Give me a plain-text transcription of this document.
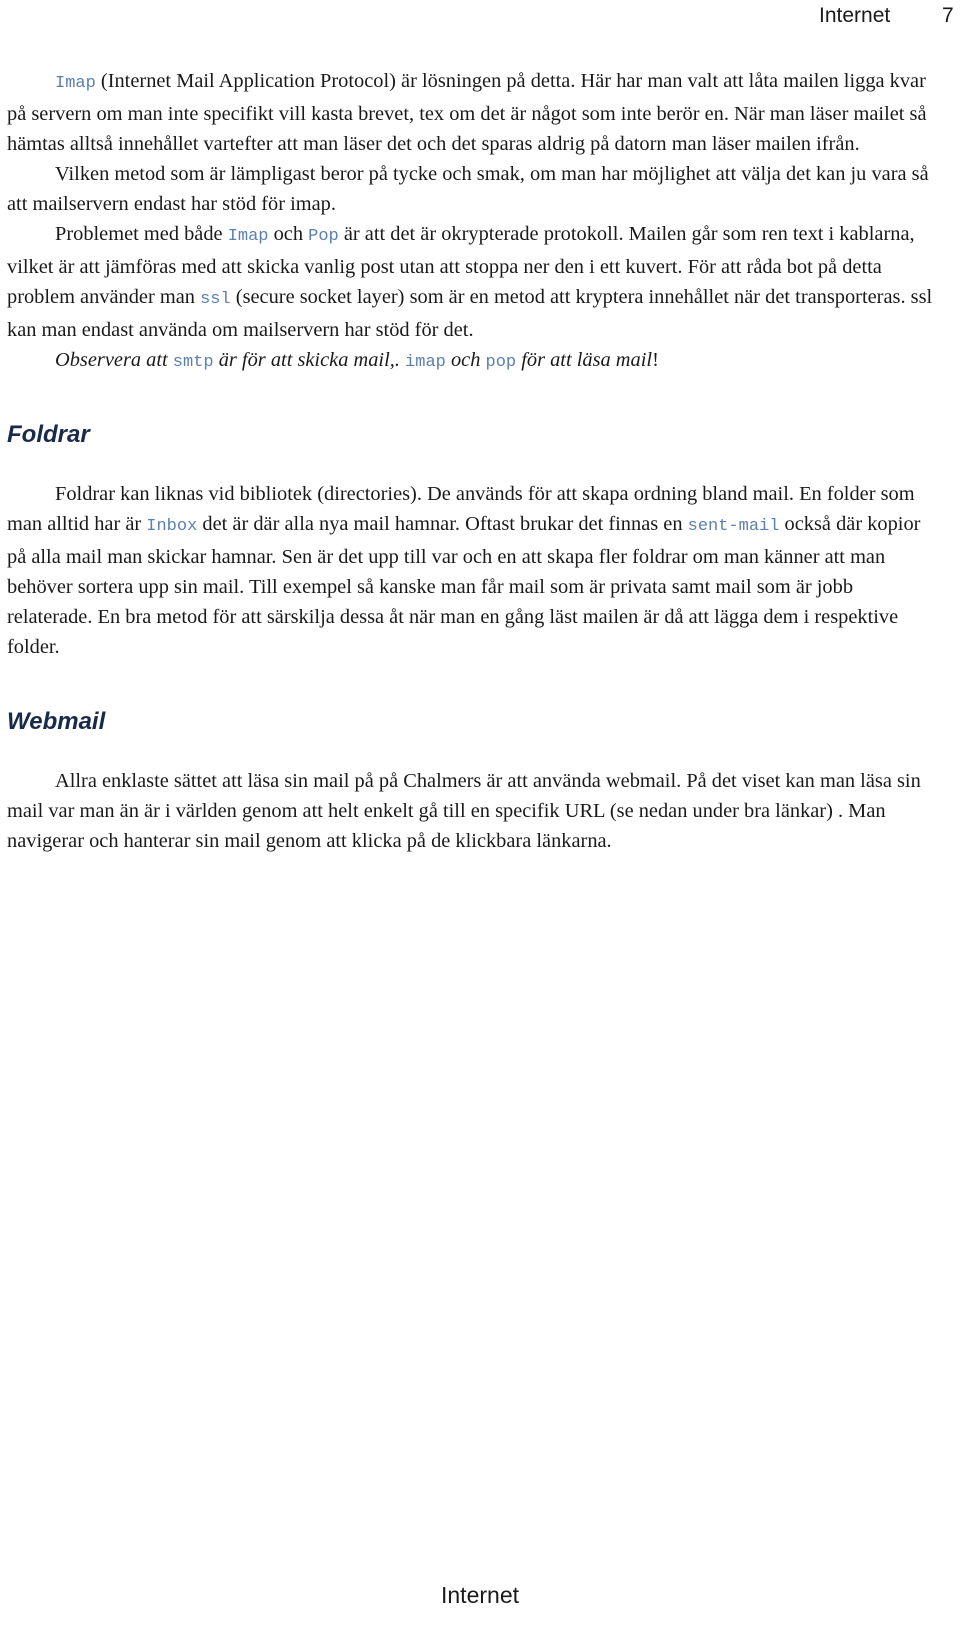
Internet 7

Imap (Internet Mail Application Protocol) är lösningen på detta. Här har man valt att låta mailen ligga kvar på servern om man inte specifikt vill kasta brevet, tex om det är något som inte berör en. När man läser mailet så hämtas alltså innehållet vartefter att man läser det och det sparas aldrig på datorn man läser mailen ifrån.

Vilken metod som är lämpligast beror på tycke och smak, om man har möjlighet att välja det kan ju vara så att mailservern endast har stöd för imap.

Problemet med både Imap och Pop är att det är okrypterade protokoll. Mailen går som ren text i kablarna, vilket är att jämföras med att skicka vanlig post utan att stoppa ner den i ett kuvert. För att råda bot på detta problem använder man ssl (secure socket layer) som är en metod att kryptera innehållet när det transporteras. ssl kan man endast använda om mailservern har stöd för det.

Observera att smtp är för att skicka mail,. imap och pop för att läsa mail!

Foldrar

Foldrar kan liknas vid bibliotek (directories). De används för att skapa ordning bland mail. En folder som man alltid har är Inbox det är där alla nya mail hamnar. Oftast brukar det finnas en sent-mail också där kopior på alla mail man skickar hamnar. Sen är det upp till var och en att skapa fler foldrar om man känner att man behöver sortera upp sin mail. Till exempel så kanske man får mail som är privata samt mail som är jobb relaterade. En bra metod för att särskilja dessa åt när man en gång läst mailen är då att lägga dem i respektive folder.

Webmail

Allra enklaste sättet att läsa sin mail på på Chalmers är att använda webmail. På det viset kan man läsa sin mail var man än är i världen genom att helt enkelt gå till en specifik URL (se nedan under bra länkar) . Man navigerar och hanterar sin mail genom att klicka på de klickbara länkarna.

Internet
